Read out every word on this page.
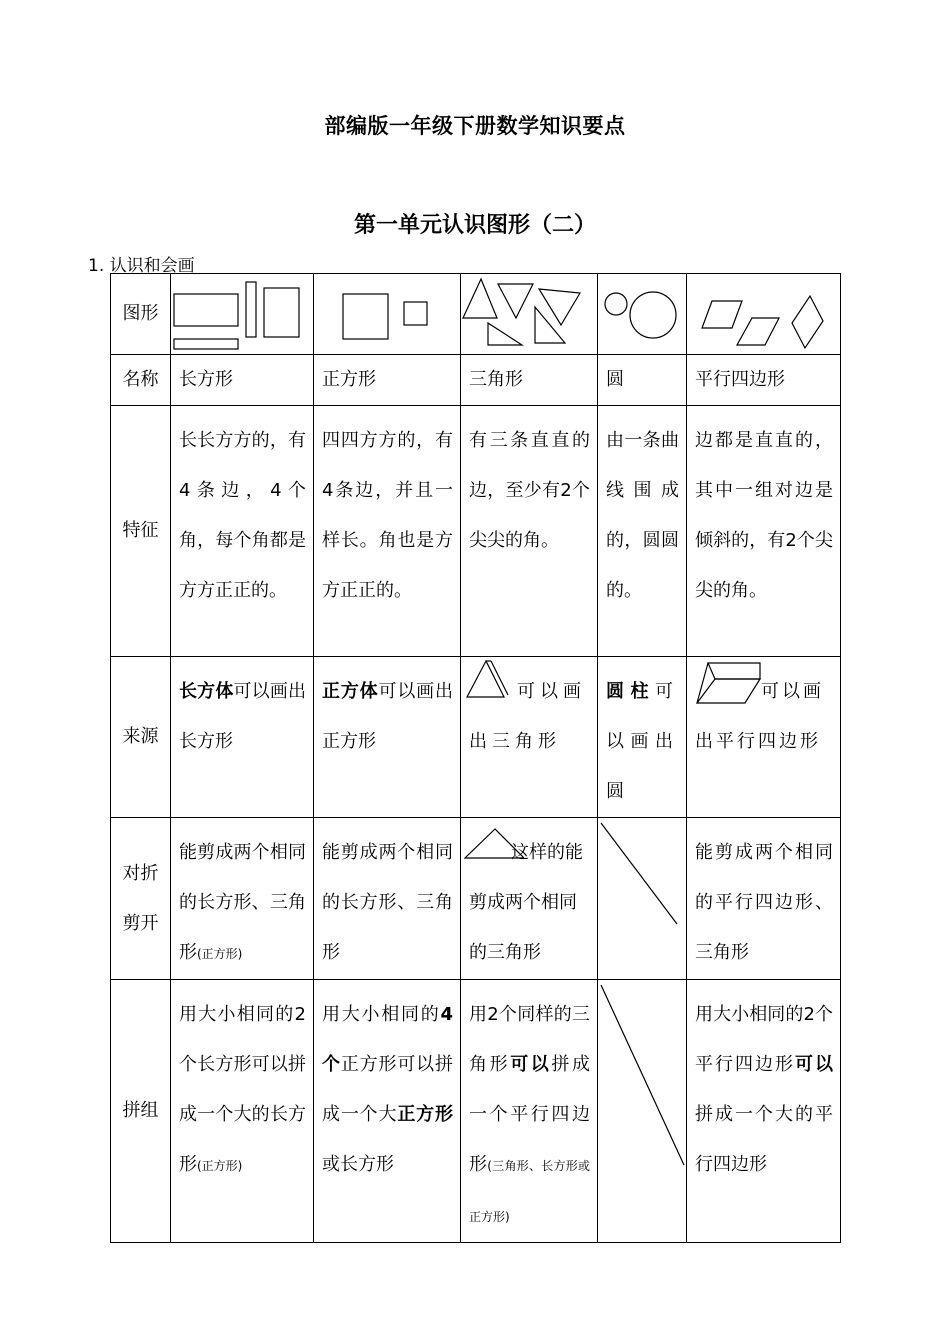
部编版一年级下册数学知识要点
第一单元认识图形（二）
1. 认识和会画
图形	

名称	长方形	正方形	三角形	圆	平行四边形
特征	长长方方的，有4条边，4个角，每个角都是方方正正的。	四四方方的，有4条边，并且一样长。角也是方方正正的。	有三条直直的边，至少有2个尖尖的角。	由一条曲线围成的，圆圆的。	边都是直直的，其中一组对边是倾斜的，有2个尖尖的角。
来源	长方体可以画出长方形	正方体可以画出正方形	可以画出三角形	圆柱可以画出圆	可以画出平行四边形
对折剪开	能剪成两个相同的长方形、三角形(正方形)	能剪成两个相同的长方形、三角形	这样的能剪成两个相同的三角形		能剪成两个相同的平行四边形、三角形
拼组	用大小相同的2个长方形可以拼成一个大的长方形(正方形)	用大小相同的4个正方形可以拼成一个大正方形或长方形	用2个同样的三角形可以拼成一个平行四边形(三角形、长方形或正方形)		用大小相同的2个平行四边形可以拼成一个大的平行四边形
